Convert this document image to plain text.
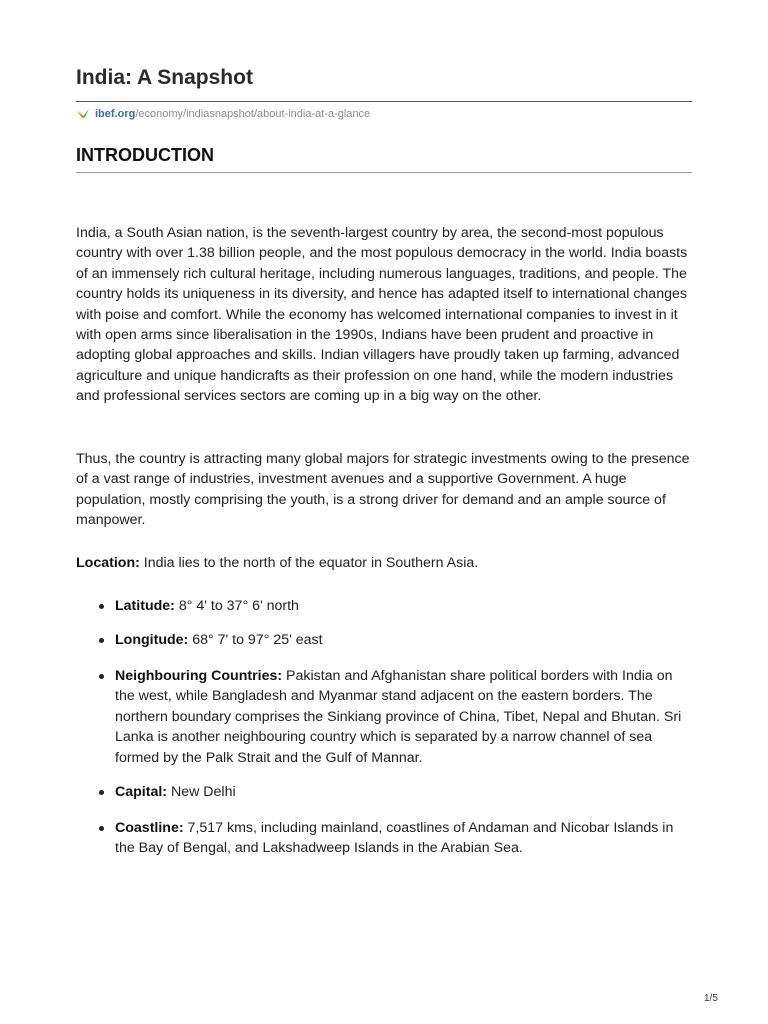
India: A Snapshot
ibef.org/economy/indiasnapshot/about-india-at-a-glance
INTRODUCTION

India, a South Asian nation, is the seventh-largest country by area, the second-most populous country with over 1.38 billion people, and the most populous democracy in the world. India boasts of an immensely rich cultural heritage, including numerous languages, traditions, and people. The country holds its uniqueness in its diversity, and hence has adapted itself to international changes with poise and comfort. While the economy has welcomed international companies to invest in it with open arms since liberalisation in the 1990s, Indians have been prudent and proactive in adopting global approaches and skills. Indian villagers have proudly taken up farming, advanced agriculture and unique handicrafts as their profession on one hand, while the modern industries and professional services sectors are coming up in a big way on the other.

Thus, the country is attracting many global majors for strategic investments owing to the presence of a vast range of industries, investment avenues and a supportive Government. A huge population, mostly comprising the youth, is a strong driver for demand and an ample source of manpower.

Location: India lies to the north of the equator in Southern Asia.

Latitude: 8° 4' to 37° 6' north
Longitude: 68° 7' to 97° 25' east
Neighbouring Countries: Pakistan and Afghanistan share political borders with India on the west, while Bangladesh and Myanmar stand adjacent on the eastern borders. The northern boundary comprises the Sinkiang province of China, Tibet, Nepal and Bhutan. Sri Lanka is another neighbouring country which is separated by a narrow channel of sea formed by the Palk Strait and the Gulf of Mannar.
Capital: New Delhi
Coastline: 7,517 kms, including mainland, coastlines of Andaman and Nicobar Islands in the Bay of Bengal, and Lakshadweep Islands in the Arabian Sea.
1/5
